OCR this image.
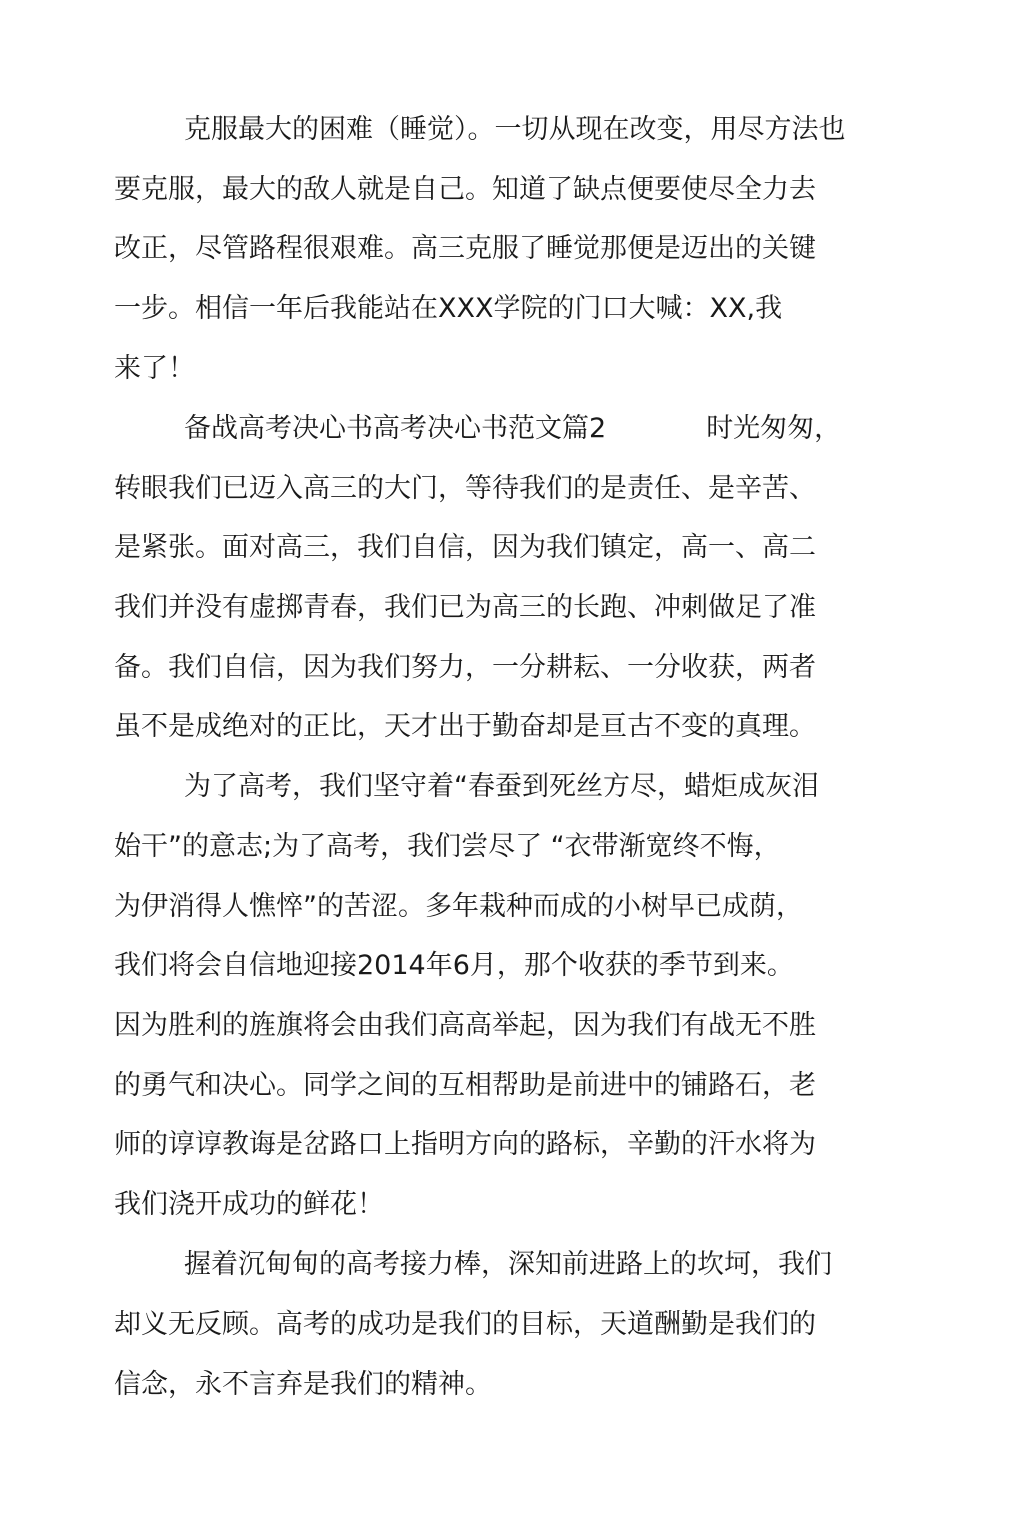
克服最大的困难（睡觉）。一切从现在改变，用尽方法也
要克服，最大的敌人就是自己。知道了缺点便要使尽全力去
改正，尽管路程很艰难。高三克服了睡觉那便是迈出的关键
一步。相信一年后我能站在XXX学院的门口大喊：XX,我
来了！
备战高考决心书高考决心书范文篇2	时光匆匆，
转眼我们已迈入高三的大门，等待我们的是责任、是辛苦、
是紧张。面对高三，我们自信，因为我们镇定，高一、高二
我们并没有虚掷青春，我们已为高三的长跑、冲刺做足了准
备。我们自信，因为我们努力，一分耕耘、一分收获，两者
虽不是成绝对的正比，天才出于勤奋却是亘古不变的真理。
为了高考，我们坚守着“春蚕到死丝方尽，蜡炬成灰泪
始干”的意志;为了高考，我们尝尽了 “衣带渐宽终不悔，
为伊消得人憔悴”的苦涩。多年栽种而成的小树早已成荫，
我们将会自信地迎接2014年6月，那个收获的季节到来。
因为胜利的旌旗将会由我们高高举起，因为我们有战无不胜
的勇气和决心。同学之间的互相帮助是前进中的铺路石，老
师的谆谆教诲是岔路口上指明方向的路标，辛勤的汗水将为
我们浇开成功的鲜花！
握着沉甸甸的高考接力棒，深知前进路上的坎坷，我们
却义无反顾。高考的成功是我们的目标，天道酬勤是我们的
信念，永不言弃是我们的精神。
